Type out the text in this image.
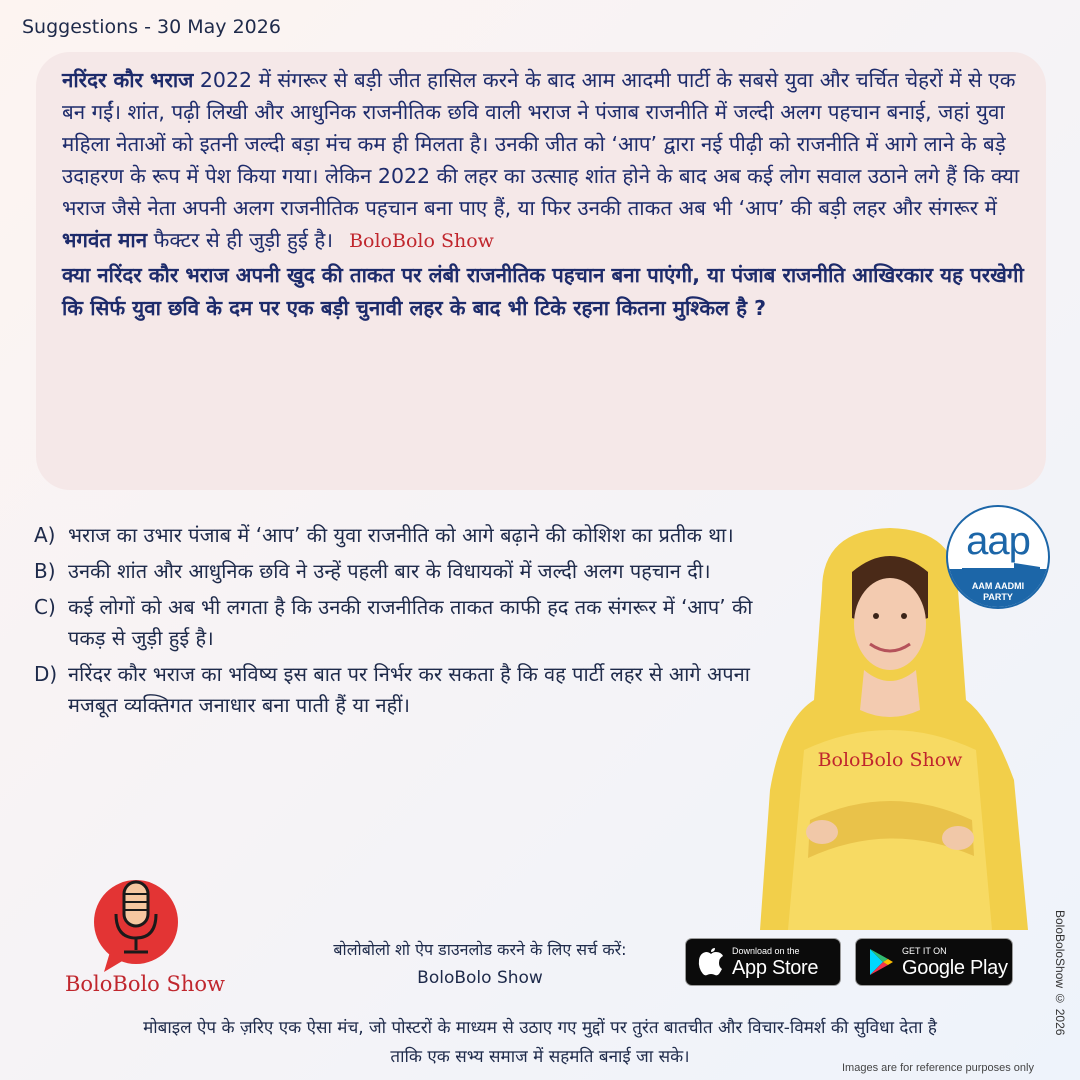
Suggestions - 30 May 2026

नरिंदर कौर भराज 2022 में संगरूर से बड़ी जीत हासिल करने के बाद आम आदमी पार्टी के सबसे युवा और चर्चित चेहरों में से एक बन गईं। शांत, पढ़ी लिखी और आधुनिक राजनीतिक छवि वाली भराज ने पंजाब राजनीति में जल्दी अलग पहचान बनाई, जहां युवा महिला नेताओं को इतनी जल्दी बड़ा मंच कम ही मिलता है। उनकी जीत को ‘आप’ द्वारा नई पीढ़ी को राजनीति में आगे लाने के बड़े उदाहरण के रूप में पेश किया गया। लेकिन 2022 की लहर का उत्साह शांत होने के बाद अब कई लोग सवाल उठाने लगे हैं कि क्या भराज जैसे नेता अपनी अलग राजनीतिक पहचान बना पाए हैं, या फिर उनकी ताकत अब भी ‘आप’ की बड़ी लहर और संगरूर में भगवंत मान फैक्टर से ही जुड़ी हुई है। BoloBolo Show

क्या नरिंदर कौर भराज अपनी खुद की ताकत पर लंबी राजनीतिक पहचान बना पाएंगी, या पंजाब राजनीति आखिरकार यह परखेगी कि सिर्फ युवा छवि के दम पर एक बड़ी चुनावी लहर के बाद भी टिके रहना कितना मुश्किल है ?

A) भराज का उभार पंजाब में ‘आप’ की युवा राजनीति को आगे बढ़ाने की कोशिश का प्रतीक था।
B) उनकी शांत और आधुनिक छवि ने उन्हें पहली बार के विधायकों में जल्दी अलग पहचान दी।
C) कई लोगों को अब भी लगता है कि उनकी राजनीतिक ताकत काफी हद तक संगरूर में ‘आप’ की पकड़ से जुड़ी हुई है।
D) नरिंदर कौर भराज का भविष्य इस बात पर निर्भर कर सकता है कि वह पार्टी लहर से आगे अपना मजबूत व्यक्तिगत जनाधार बना पाती हैं या नहीं।
BoloBolo Show
aap
AAM AADMI
PARTY
BoloBolo Show
बोलोबोलो शो ऐप डाउनलोड करने के लिए सर्च करें:
BoloBolo Show
Download on the
App Store
GET IT ON
Google Play
मोबाइल ऐप के ज़रिए एक ऐसा मंच, जो पोस्टरों के माध्यम से उठाए गए मुद्दों पर तुरंत बातचीत और विचार-विमर्श की सुविधा देता है
ताकि एक सभ्य समाज में सहमति बनाई जा सके।
Images are for reference purposes only
BoloBoloShow © 2026
